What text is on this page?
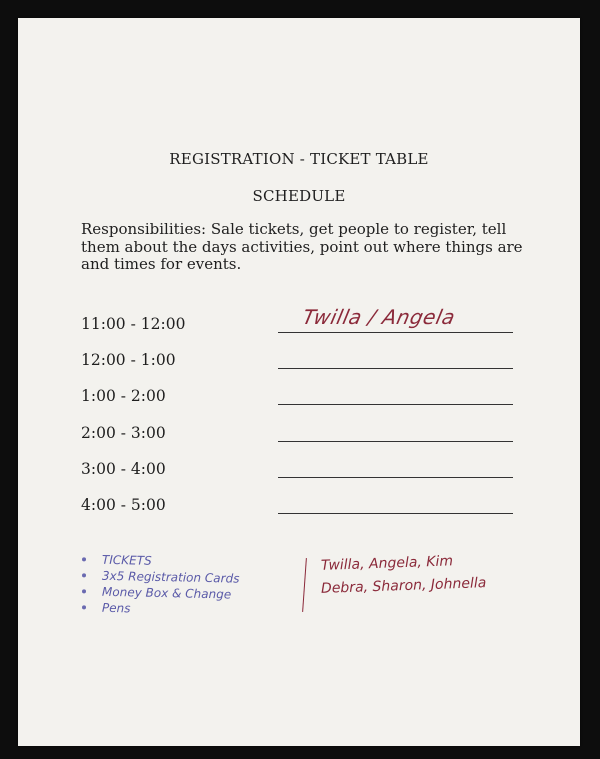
REGISTRATION - TICKET TABLE
SCHEDULE
Responsibilities: Sale tickets, get people to register, tell them about the days activities, point out where things are and times for events.
11:00 - 12:00	Twilla / Angela
12:00 - 1:00
1:00 - 2:00
2:00 - 3:00
3:00 - 4:00
4:00 - 5:00
TICKETS
3x5 Registration Cards
Money Box & Change
Pens
Twilla, Angela, Kim
Debra, Sharon, Johnella
